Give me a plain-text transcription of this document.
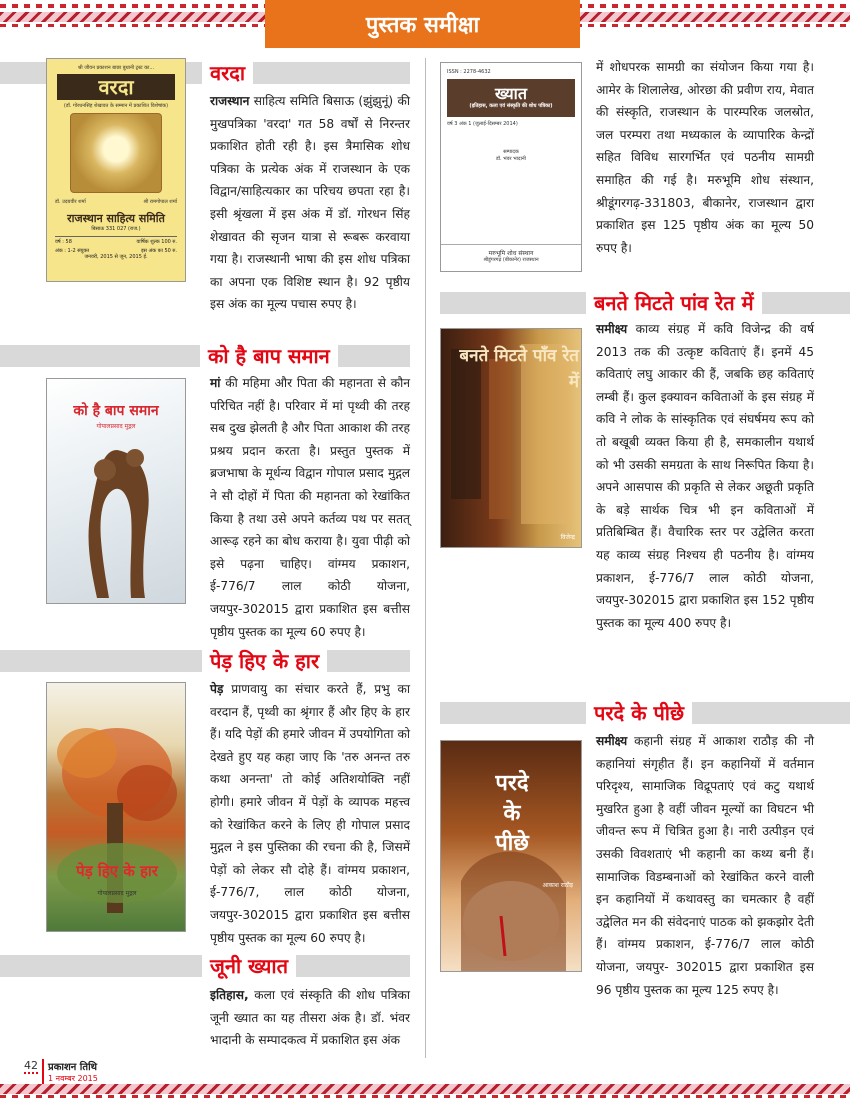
पुस्तक समीक्षा
वरदा
श्री जीवन प्रकाशन बाछा बुधानी ट्रस्ट का...
वरदा
(डॉ. गोरधनसिंह शेखावत के सम्मान में प्रकाशित विशेषांक)
डॉ. उदयवीर शर्मा	श्री रामगोपाल शर्मा
राजस्थान साहित्य समिति
बिसाऊ 331 027 (राज.)
वर्ष : 58	वार्षिक शुल्क 100 रु.
अंक : 1-2 संयुक्त	इस अंक का 50 रु.
जनवरी, 2015 से जून, 2015 ई.
राजस्थान साहित्य समिति बिसाऊ (झुंझुनूं) की मुखपत्रिका 'वरदा' गत 58 वर्षों से निरन्तर प्रकाशित होती रही है। इस त्रैमासिक शोध पत्रिका के प्रत्येक अंक में राजस्थान के एक विद्वान/साहित्यकार का परिचय छपता रहा है। इसी श्रृंखला में इस अंक में डॉ. गोरधन सिंह शेखावत की सृजन यात्रा से रूबरू करवाया गया है। राजस्थानी भाषा की इस शोध पत्रिका का अपना एक विशिष्ट स्थान है। 92 पृष्ठीय इस अंक का मूल्य पचास रुपए है।
को है बाप समान
को है बाप समान
गोपालप्रसाद मुद्गल
मां की महिमा और पिता की महानता से कौन परिचित नहीं है। परिवार में मां पृथ्वी की तरह सब दुख झेलती है और पिता आकाश की तरह प्रश्रय प्रदान करता है। प्रस्तुत पुस्तक में ब्रजभाषा के मूर्धन्य विद्वान गोपाल प्रसाद मुद्गल ने सौ दोहों में पिता की महानता को रेखांकित किया है तथा उसे अपने कर्तव्य पथ पर सतत् आरूढ़ रहने का बोध कराया है। युवा पीढ़ी को इसे पढ़ना चाहिए। वांग्मय प्रकाशन, ई-776/7 लाल कोठी योजना, जयपुर-302015 द्वारा प्रकाशित इस बत्तीस पृष्ठीय पुस्तक का मूल्य 60 रुपए है।
पेड़ हिए के हार
पेड़ हिए के हार
गोपालप्रसाद मुद्गल
पेड़ प्राणवायु का संचार करते हैं, प्रभु का वरदान हैं, पृथ्वी का श्रृंगार हैं और हिए के हार हैं। यदि पेड़ों की हमारे जीवन में उपयोगिता को देखते हुए यह कहा जाए कि 'तरु अनन्त तरु कथा अनन्ता' तो कोई अतिशयोक्ति नहीं होगी। हमारे जीवन में पेड़ों के व्यापक महत्त्व को रेखांकित करने के लिए ही गोपाल प्रसाद मुद्गल ने इस पुस्तिका की रचना की है, जिसमें पेड़ों को लेकर सौ दोहे हैं। वांग्मय प्रकाशन, ई-776/7, लाल कोठी योजना, जयपुर-302015 द्वारा प्रकाशित इस बत्तीस पृष्ठीय पुस्तक का मूल्य 60 रुपए है।
जूनी ख्यात
इतिहास, कला एवं संस्कृति की शोध पत्रिका जूनी ख्यात का यह तीसरा अंक है। डॉ. भंवर भादानी के सम्पादकत्व में प्रकाशित इस अंक
ISSN : 2278-4632
ख्यात
(इतिहास, कला एवं संस्कृति की शोध पत्रिका)
वर्ष 3 अंक 1 (जुलाई-दिसम्बर 2014)
सम्पादक
डॉ. भंवर भादानी
मरुभूमि शोध संस्थान
श्रीडूंगरगढ़ (बीकानेर) राजस्थान
में शोधपरक सामग्री का संयोजन किया गया है। आमेर के शिलालेख, ओरछा की प्रवीण राय, मेवात की संस्कृति, राजस्थान के पारम्परिक जलस्रोत, जल परम्परा तथा मध्यकाल के व्यापारिक केन्द्रों सहित विविध सारगर्भित एवं पठनीय सामग्री समाहित की गई है। मरुभूमि शोध संस्थान, श्रीडूंगरगढ़-331803, बीकानेर, राजस्थान द्वारा प्रकाशित इस 125 पृष्ठीय अंक का मूल्य 50 रुपए है।
बनते मिटते पांव रेत में
बनते मिटते पाँव रेत में
विजेन्द्र
समीक्ष्य काव्य संग्रह में कवि विजेन्द्र की वर्ष 2013 तक की उत्कृष्ट कविताएं हैं। इनमें 45 कविताएं लघु आकार की हैं, जबकि छह कविताएं लम्बी हैं। कुल इक्यावन कविताओं के इस संग्रह में कवि ने लोक के सांस्कृतिक एवं संघर्षमय रूप को तो बखूबी व्यक्त किया ही है, समकालीन यथार्थ को भी उसकी समग्रता के साथ निरूपित किया है। अपने आसपास की प्रकृति से लेकर अछूती प्रकृति के बड़े सार्थक चित्र भी इन कविताओं में प्रतिबिम्बित हैं। वैचारिक स्तर पर उद्वेलित करता यह काव्य संग्रह निश्चय ही पठनीय है। वांग्मय प्रकाशन, ई-776/7 लाल कोठी योजना, जयपुर-302015 द्वारा प्रकाशित इस 152 पृष्ठीय पुस्तक का मूल्य 400 रुपए है।
परदे के पीछे
परदे
के
पीछे
आकाश राठौड़
समीक्ष्य कहानी संग्रह में आकाश राठौड़ की नौ कहानियां संगृहीत हैं। इन कहानियों में वर्तमान परिदृश्य, सामाजिक विद्रूपताएं एवं कटु यथार्थ मुखरित हुआ है वहीं जीवन मूल्यों का विघटन भी जीवन्त रूप में चित्रित हुआ है। नारी उत्पीड़न एवं उसकी विवशताएं भी कहानी का कथ्य बनी हैं। सामाजिक विडम्बनाओं को रेखांकित करने वाली इन कहानियों में कथावस्तु का चमत्कार है वहीं उद्वेलित मन की संवेदनाएं पाठक को झकझोर देती हैं। वांग्मय प्रकाशन, ई-776/7 लाल कोठी योजना, जयपुर- 302015 द्वारा प्रकाशित इस 96 पृष्ठीय पुस्तक का मूल्य 125 रुपए है।
42 प्रकाशन तिथि
1 नवम्बर 2015
